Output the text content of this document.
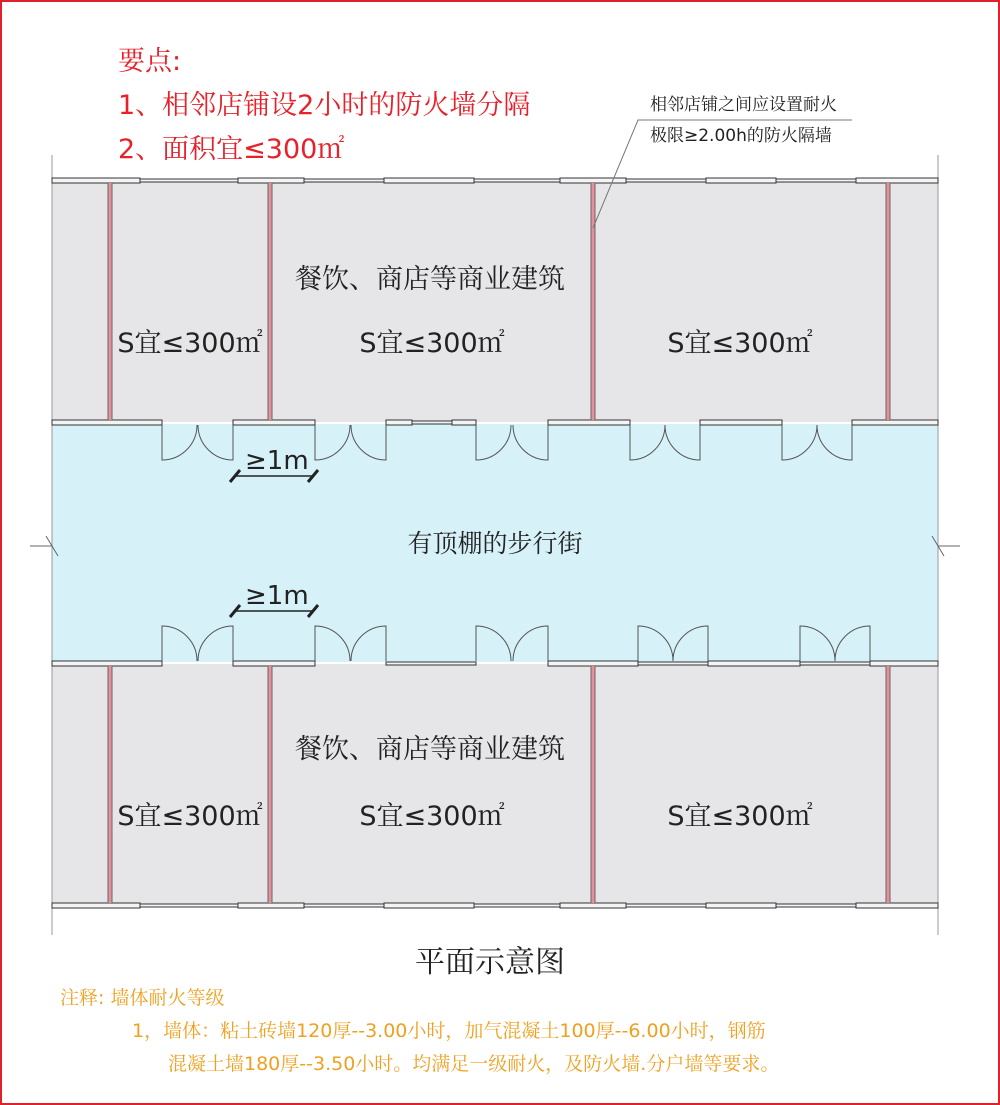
要点:
1、相邻店铺设2小时的防火墙分隔
2、面积宜≤300㎡
相邻店铺之间应设置耐火
极限≥2.00h的防火隔墙
≥1m
≥1m
餐饮、商店等商业建筑
有顶棚的步行街
餐饮、商店等商业建筑
S宜≤300㎡	S宜≤300㎡	S宜≤300㎡
S宜≤300㎡	S宜≤300㎡	S宜≤300㎡
平面示意图
注释: 墙体耐火等级
1，墙体：粘土砖墙120厚--3.00小时，加气混凝土100厚--6.00小时，钢筋
混凝土墙180厚--3.50小时。均满足一级耐火，及防火墙.分户墙等要求。
